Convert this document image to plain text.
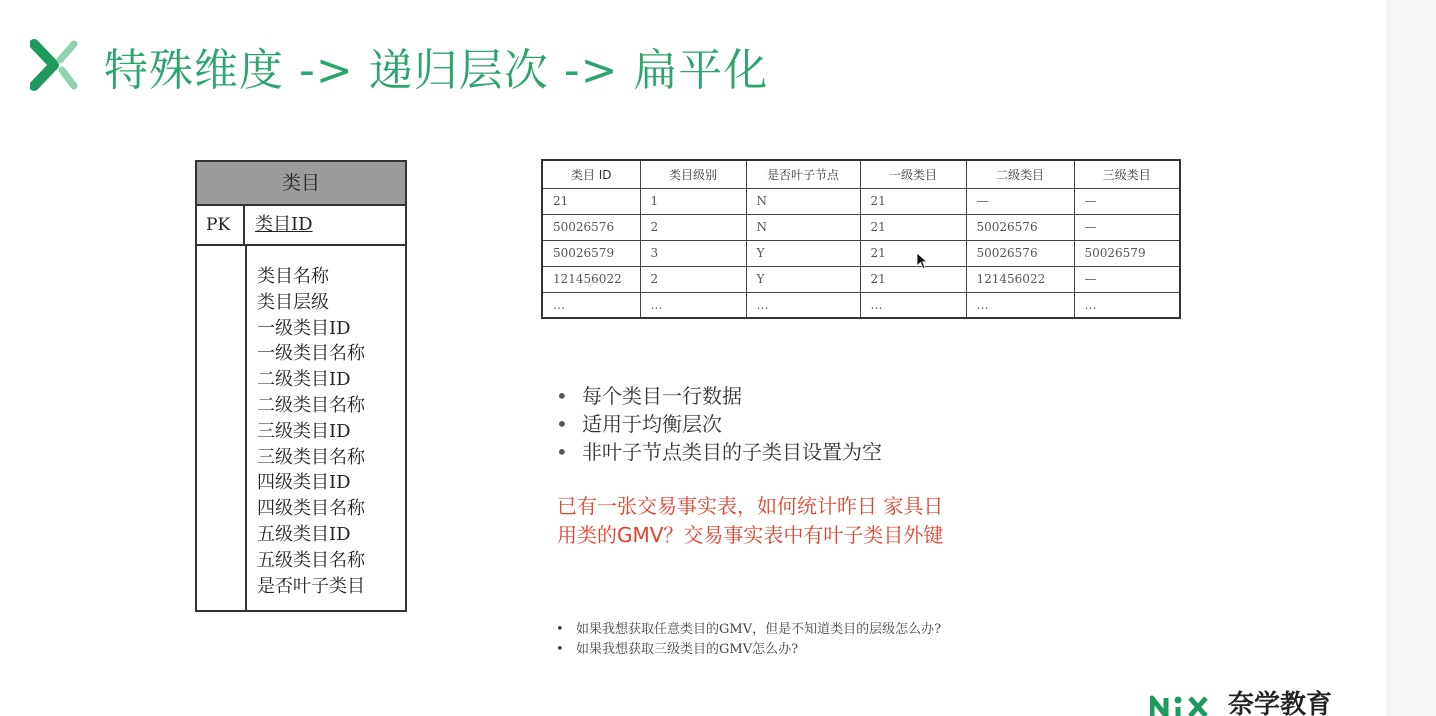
特殊维度 -> 递归层次 -> 扁平化
类目
PK	类目ID
类目名称
类目层级
一级类目ID
一级类目名称
二级类目ID
二级类目名称
三级类目ID
三级类目名称
四级类目ID
四级类目名称
五级类目ID
五级类目名称
是否叶子类目
类目 ID	类目级别	是否叶子节点	一级类目	二级类目	三级类目
21	1	N	21	—	—
50026576	2	N	21	50026576	—
50026579	3	Y	21	50026576	50026579
121456022	2	Y	21	121456022	—
…	…	…	…	…	…
• 每个类目一行数据
• 适用于均衡层次
• 非叶子节点类目的子类目设置为空
已有一张交易事实表，如何统计昨日 家具日
用类的GMV？交易事实表中有叶子类目外键
• 如果我想获取任意类目的GMV，但是不知道类目的层级怎么办?
• 如果我想获取三级类目的GMV怎么办?
奈学教育
